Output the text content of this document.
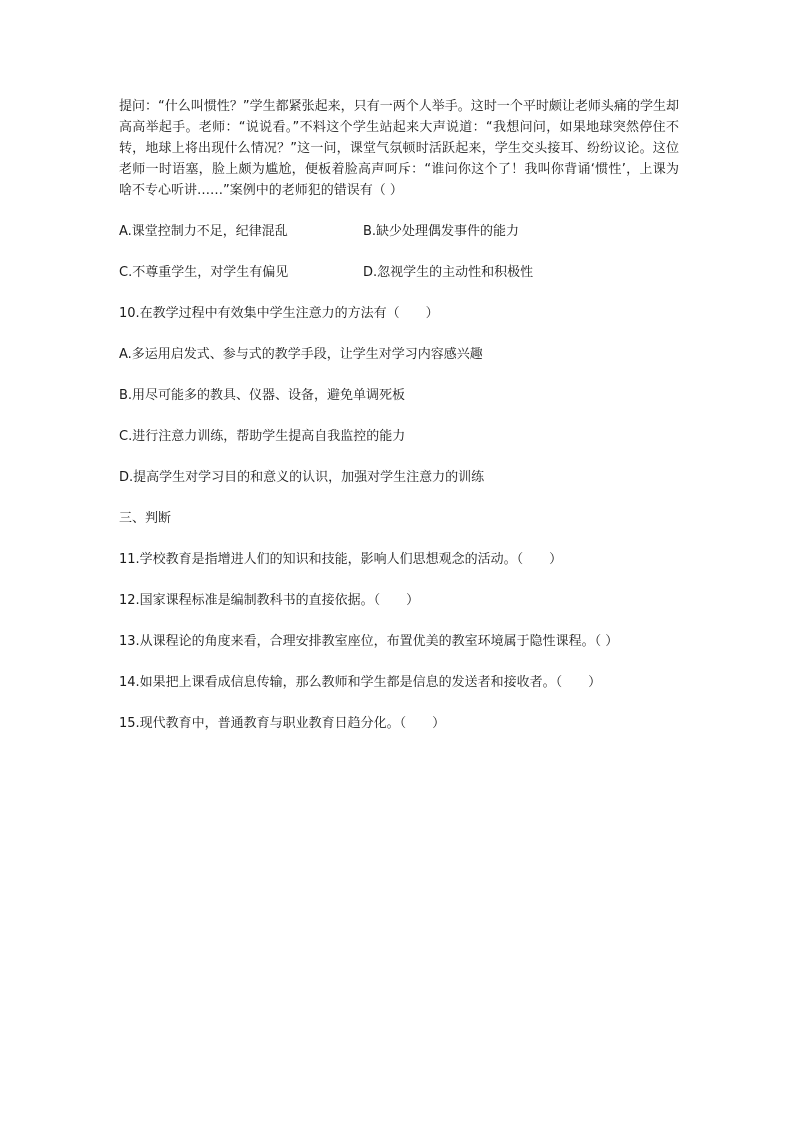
提问：“什么叫惯性？”学生都紧张起来，只有一两个人举手。这时一个平时颇让老师头痛的学生却高高举起手。老师：“说说看。”不料这个学生站起来大声说道：“我想问问，如果地球突然停住不转，地球上将出现什么情况？”这一问，课堂气氛顿时活跃起来，学生交头接耳、纷纷议论。这位老师一时语塞，脸上颇为尴尬，便板着脸高声呵斥：“谁问你这个了！我叫你背诵‘惯性’，上课为啥不专心听讲……”案例中的老师犯的错误有（ ）

A.课堂控制力不足，纪律混乱	B.缺少处理偶发事件的能力
C.不尊重学生，对学生有偏见	D.忽视学生的主动性和积极性
10.在教学过程中有效集中学生注意力的方法有（　　）
A.多运用启发式、参与式的教学手段，让学生对学习内容感兴趣
B.用尽可能多的教具、仪器、设备，避免单调死板
C.进行注意力训练，帮助学生提高自我监控的能力
D.提高学生对学习目的和意义的认识，加强对学生注意力的训练
三、判断
11.学校教育是指增进人们的知识和技能，影响人们思想观念的活动。（　　）
12.国家课程标准是编制教科书的直接依据。（　　）

13.从课程论的角度来看，合理安排教室座位，布置优美的教室环境属于隐性课程。（ ）

14.如果把上课看成信息传输，那么教师和学生都是信息的发送者和接收者。（　　）
15.现代教育中，普通教育与职业教育日趋分化。（　　）
